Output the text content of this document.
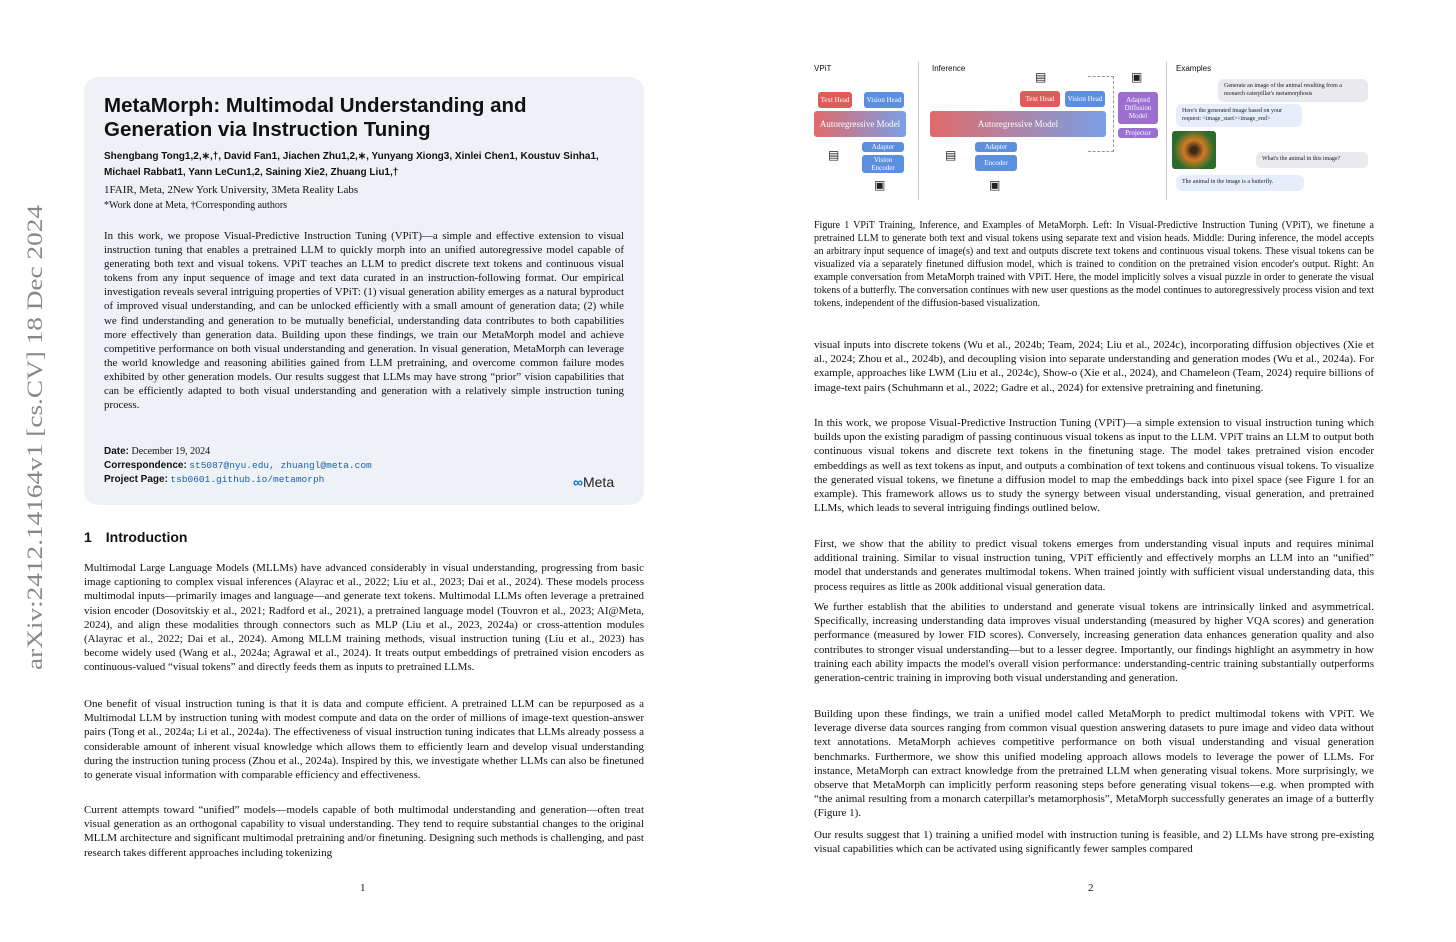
arXiv:2412.14164v1 [cs.CV] 18 Dec 2024
MetaMorph: Multimodal Understanding and Generation via Instruction Tuning
Shengbang Tong1,2,∗,†, David Fan1, Jiachen Zhu1,2,∗, Yunyang Xiong3, Xinlei Chen1, Koustuv Sinha1,
Michael Rabbat1, Yann LeCun1,2, Saining Xie2, Zhuang Liu1,†
1FAIR, Meta, 2New York University, 3Meta Reality Labs
*Work done at Meta, †Corresponding authors
In this work, we propose Visual-Predictive Instruction Tuning (VPiT)—a simple and effective extension to visual instruction tuning that enables a pretrained LLM to quickly morph into an unified autoregressive model capable of generating both text and visual tokens. VPiT teaches an LLM to predict discrete text tokens and continuous visual tokens from any input sequence of image and text data curated in an instruction-following format. Our empirical investigation reveals several intriguing properties of VPiT: (1) visual generation ability emerges as a natural byproduct of improved visual understanding, and can be unlocked efficiently with a small amount of generation data; (2) while we find understanding and generation to be mutually beneficial, understanding data contributes to both capabilities more effectively than generation data. Building upon these findings, we train our MetaMorph model and achieve competitive performance on both visual understanding and generation. In visual generation, MetaMorph can leverage the world knowledge and reasoning abilities gained from LLM pretraining, and overcome common failure modes exhibited by other generation models. Our results suggest that LLMs may have strong “prior” vision capabilities that can be efficiently adapted to both visual understanding and generation with a relatively simple instruction tuning process.
Date: December 19, 2024
Correspondence: st5087@nyu.edu, zhuangl@meta.com
Project Page: tsb0601.github.io/metamorph	∞Meta
1 Introduction
Multimodal Large Language Models (MLLMs) have advanced considerably in visual understanding, progressing from basic image captioning to complex visual inferences (Alayrac et al., 2022; Liu et al., 2023; Dai et al., 2024). These models process multimodal inputs—primarily images and language—and generate text tokens. Multimodal LLMs often leverage a pretrained vision encoder (Dosovitskiy et al., 2021; Radford et al., 2021), a pretrained language model (Touvron et al., 2023; AI@Meta, 2024), and align these modalities through connectors such as MLP (Liu et al., 2023, 2024a) or cross-attention modules (Alayrac et al., 2022; Dai et al., 2024). Among MLLM training methods, visual instruction tuning (Liu et al., 2023) has become widely used (Wang et al., 2024a; Agrawal et al., 2024). It treats output embeddings of pretrained vision encoders as continuous-valued “visual tokens” and directly feeds them as inputs to pretrained LLMs.
One benefit of visual instruction tuning is that it is data and compute efficient. A pretrained LLM can be repurposed as a Multimodal LLM by instruction tuning with modest compute and data on the order of millions of image-text question-answer pairs (Tong et al., 2024a; Li et al., 2024a). The effectiveness of visual instruction tuning indicates that LLMs already possess a considerable amount of inherent visual knowledge which allows them to efficiently learn and develop visual understanding during the instruction tuning process (Zhou et al., 2024a). Inspired by this, we investigate whether LLMs can also be finetuned to generate visual information with comparable efficiency and effectiveness.
Current attempts toward “unified” models—models capable of both multimodal understanding and generation—often treat visual generation as an orthogonal capability to visual understanding. They tend to require substantial changes to the original MLLM architecture and significant multimodal pretraining and/or finetuning. Designing such methods is challenging, and past research takes different approaches including tokenizing
1
VPiT	Inference	Examples
Text Head	Vision Head
Autoregressive Model
Adapter
Vision Encoder
▤
▣
▤
Text Head	Vision Head
Autoregressive Model
Adapter
Encoder
▤
▣
▣
Adapted Diffusion Model
Projector
Generate an image of the animal resulting from a monarch caterpillar's metamorphosis
Here's the generated image based on your request: <image_start><image_end>
What's the animal in this image?
The animal in the image is a butterfly.
Figure 1 VPiT Training, Inference, and Examples of MetaMorph. Left: In Visual-Predictive Instruction Tuning (VPiT), we finetune a pretrained LLM to generate both text and visual tokens using separate text and vision heads. Middle: During inference, the model accepts an arbitrary input sequence of image(s) and text and outputs discrete text tokens and continuous visual tokens. These visual tokens can be visualized via a separately finetuned diffusion model, which is trained to condition on the pretrained vision encoder's output. Right: An example conversation from MetaMorph trained with VPiT. Here, the model implicitly solves a visual puzzle in order to generate the visual tokens of a butterfly. The conversation continues with new user questions as the model continues to autoregressively process vision and text tokens, independent of the diffusion-based visualization.
visual inputs into discrete tokens (Wu et al., 2024b; Team, 2024; Liu et al., 2024c), incorporating diffusion objectives (Xie et al., 2024; Zhou et al., 2024b), and decoupling vision into separate understanding and generation modes (Wu et al., 2024a). For example, approaches like LWM (Liu et al., 2024c), Show-o (Xie et al., 2024), and Chameleon (Team, 2024) require billions of image-text pairs (Schuhmann et al., 2022; Gadre et al., 2024) for extensive pretraining and finetuning.
In this work, we propose Visual-Predictive Instruction Tuning (VPiT)—a simple extension to visual instruction tuning which builds upon the existing paradigm of passing continuous visual tokens as input to the LLM. VPiT trains an LLM to output both continuous visual tokens and discrete text tokens in the finetuning stage. The model takes pretrained vision encoder embeddings as well as text tokens as input, and outputs a combination of text tokens and continuous visual tokens. To visualize the generated visual tokens, we finetune a diffusion model to map the embeddings back into pixel space (see Figure 1 for an example). This framework allows us to study the synergy between visual understanding, visual generation, and pretrained LLMs, which leads to several intriguing findings outlined below.
First, we show that the ability to predict visual tokens emerges from understanding visual inputs and requires minimal additional training. Similar to visual instruction tuning, VPiT efficiently and effectively morphs an LLM into an “unified” model that understands and generates multimodal tokens. When trained jointly with sufficient visual understanding data, this process requires as little as 200k additional visual generation data.
We further establish that the abilities to understand and generate visual tokens are intrinsically linked and asymmetrical. Specifically, increasing understanding data improves visual understanding (measured by higher VQA scores) and generation performance (measured by lower FID scores). Conversely, increasing generation data enhances generation quality and also contributes to stronger visual understanding—but to a lesser degree. Importantly, our findings highlight an asymmetry in how training each ability impacts the model's overall vision performance: understanding-centric training substantially outperforms generation-centric training in improving both visual understanding and generation.
Building upon these findings, we train a unified model called MetaMorph to predict multimodal tokens with VPiT. We leverage diverse data sources ranging from common visual question answering datasets to pure image and video data without text annotations. MetaMorph achieves competitive performance on both visual understanding and visual generation benchmarks. Furthermore, we show this unified modeling approach allows models to leverage the power of LLMs. For instance, MetaMorph can extract knowledge from the pretrained LLM when generating visual tokens. More surprisingly, we observe that MetaMorph can implicitly perform reasoning steps before generating visual tokens—e.g. when prompted with “the animal resulting from a monarch caterpillar's metamorphosis”, MetaMorph successfully generates an image of a butterfly (Figure 1).
Our results suggest that 1) training a unified model with instruction tuning is feasible, and 2) LLMs have strong pre-existing visual capabilities which can be activated using significantly fewer samples compared
2
